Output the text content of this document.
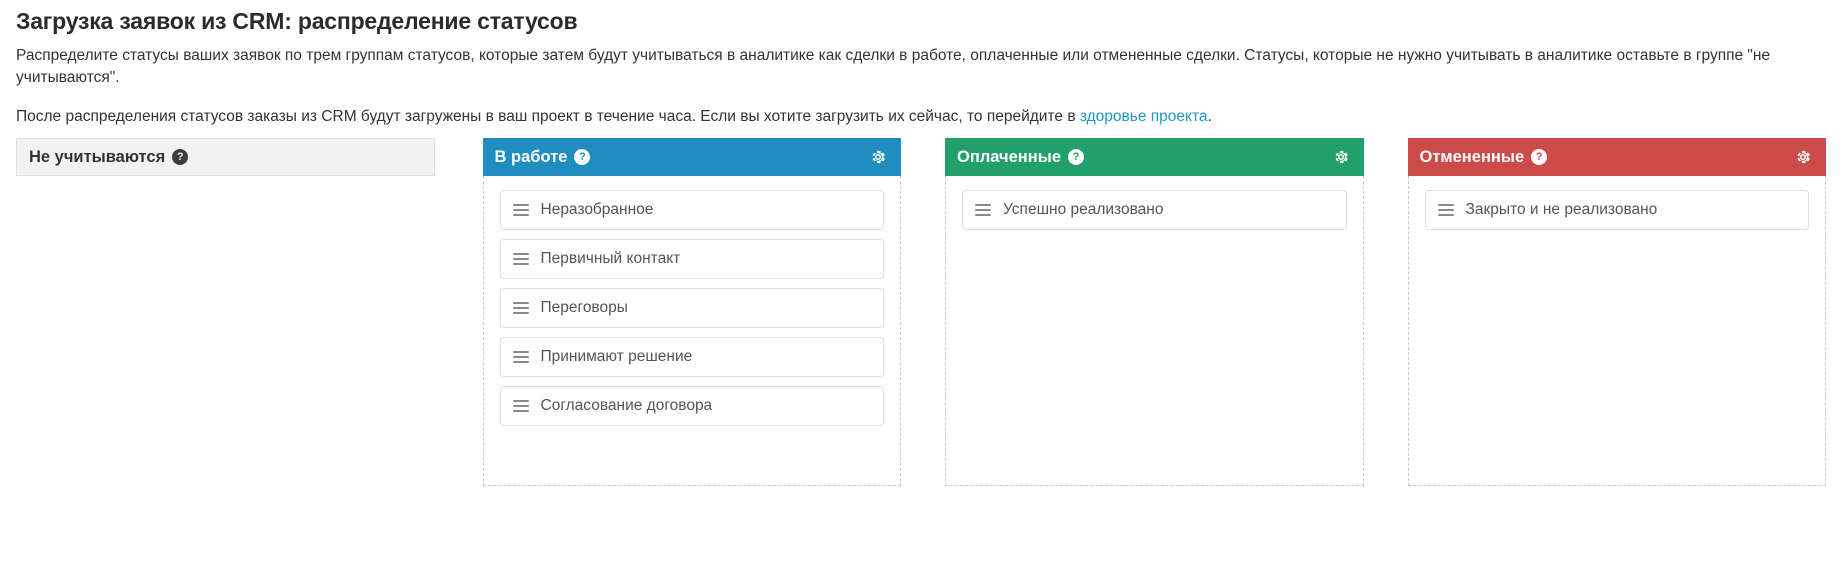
Загрузка заявок из CRM: распределение статусов

Распределите статусы ваших заявок по трем группам статусов, которые затем будут учитываться в аналитике как сделки в работе, оплаченные или отмененные сделки. Статусы, которые не нужно учитывать в аналитике оставьте в группе "не учитываются".

После распределения статусов заказы из CRM будут загружены в ваш проект в течение часа. Если вы хотите загрузить их сейчас, то перейдите в здоровье проекта.

Не учитываются ?	В работе
?
Неразобранное
Первичный контакт
Переговоры
Принимают решение
Согласование договора
Оплаченные
?
Успешно реализовано
Отмененные
?
Закрыто и не реализовано
